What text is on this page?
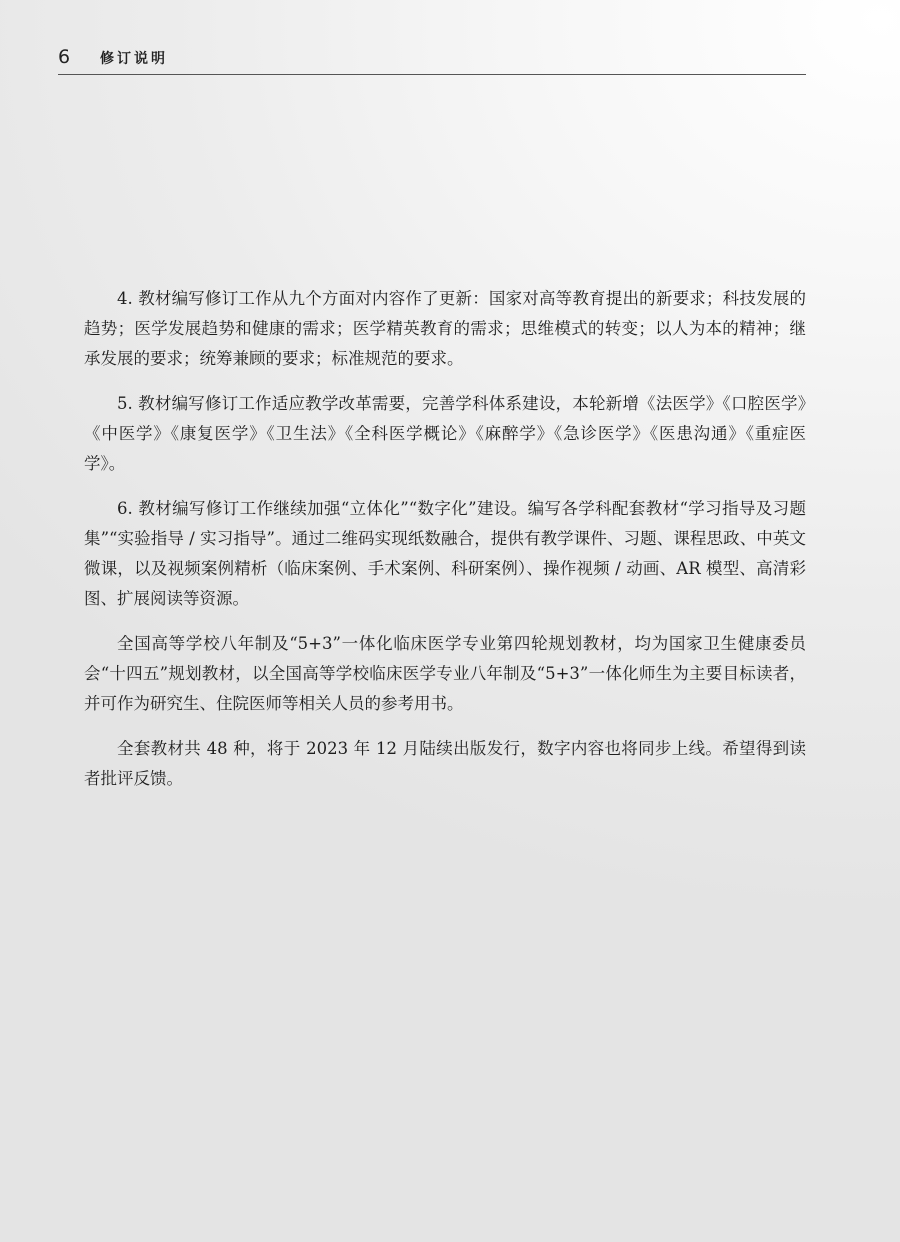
6 修订说明

4. 教材编写修订工作从九个方面对内容作了更新：国家对高等教育提出的新要求；科技发展的趋势；医学发展趋势和健康的需求；医学精英教育的需求；思维模式的转变；以人为本的精神；继承发展的要求；统筹兼顾的要求；标准规范的要求。

5. 教材编写修订工作适应教学改革需要，完善学科体系建设，本轮新增《法医学》《口腔医学》《中医学》《康复医学》《卫生法》《全科医学概论》《麻醉学》《急诊医学》《医患沟通》《重症医学》。

6. 教材编写修订工作继续加强“立体化”“数字化”建设。编写各学科配套教材“学习指导及习题集”“实验指导 / 实习指导”。通过二维码实现纸数融合，提供有教学课件、习题、课程思政、中英文微课，以及视频案例精析（临床案例、手术案例、科研案例）、操作视频 / 动画、AR 模型、高清彩图、扩展阅读等资源。

全国高等学校八年制及“5+3”一体化临床医学专业第四轮规划教材，均为国家卫生健康委员会“十四五”规划教材，以全国高等学校临床医学专业八年制及“5+3”一体化师生为主要目标读者，并可作为研究生、住院医师等相关人员的参考用书。

全套教材共 48 种，将于 2023 年 12 月陆续出版发行，数字内容也将同步上线。希望得到读者批评反馈。
